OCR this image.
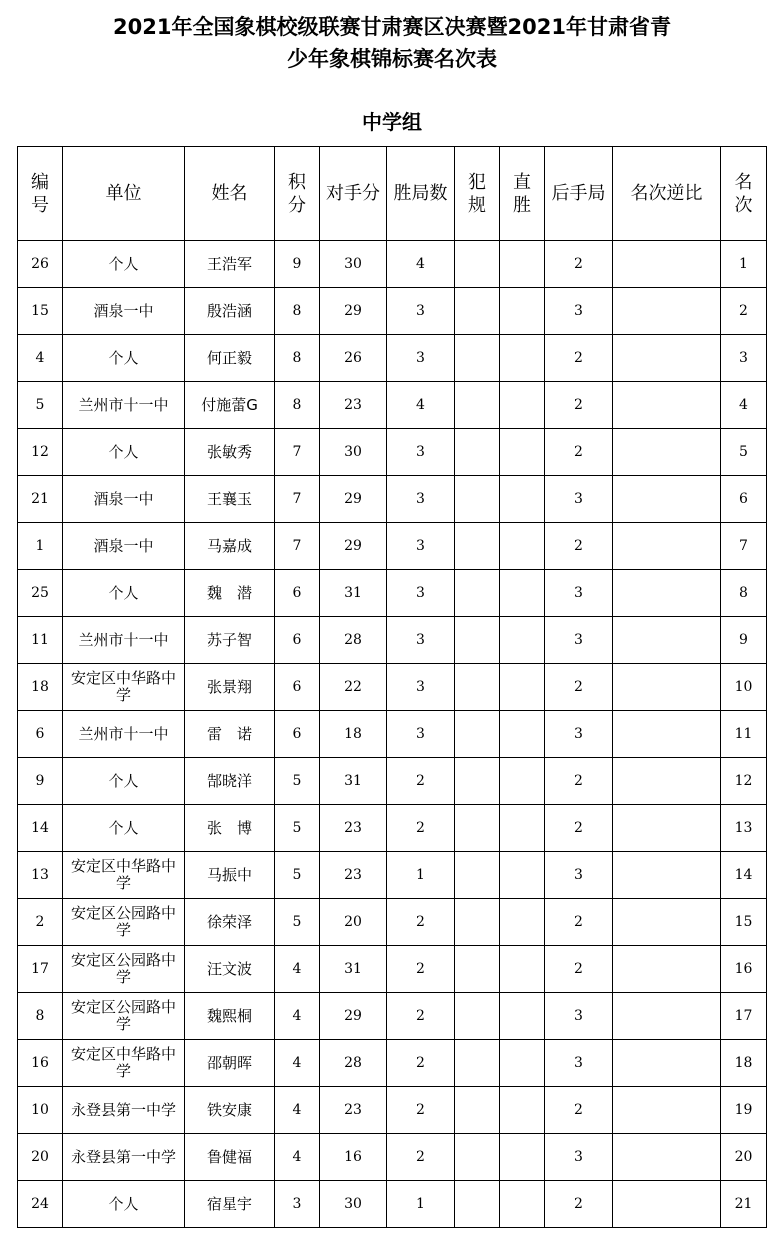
2021年全国象棋校级联赛甘肃赛区决赛暨2021年甘肃省青
少年象棋锦标赛名次表
中学组
编号	单位	姓名	积分	对手分	胜局数	犯规	直胜	后手局	名次逆比	名次
26	个人	王浩军	9	30	4			2		1
15	酒泉一中	殷浩涵	8	29	3			3		2
4	个人	何正毅	8	26	3			2		3
5	兰州市十一中	付施蕾G	8	23	4			2		4
12	个人	张敏秀	7	30	3			2		5
21	酒泉一中	王襄玉	7	29	3			3		6
1	酒泉一中	马嘉成	7	29	3			2		7
25	个人	魏　潜	6	31	3			3		8
11	兰州市十一中	苏子智	6	28	3			3		9
18	安定区中华路中学	张景翔	6	22	3			2		10
6	兰州市十一中	雷　诺	6	18	3			3		11
9	个人	郜晓洋	5	31	2			2		12
14	个人	张　博	5	23	2			2		13
13	安定区中华路中学	马振中	5	23	1			3		14
2	安定区公园路中学	徐荣泽	5	20	2			2		15
17	安定区公园路中学	汪文波	4	31	2			2		16
8	安定区公园路中学	魏熙桐	4	29	2			3		17
16	安定区中华路中学	邵朝晖	4	28	2			3		18
10	永登县第一中学	铁安康	4	23	2			2		19
20	永登县第一中学	鲁健福	4	16	2			3		20
24	个人	宿星宇	3	30	1			2		21
